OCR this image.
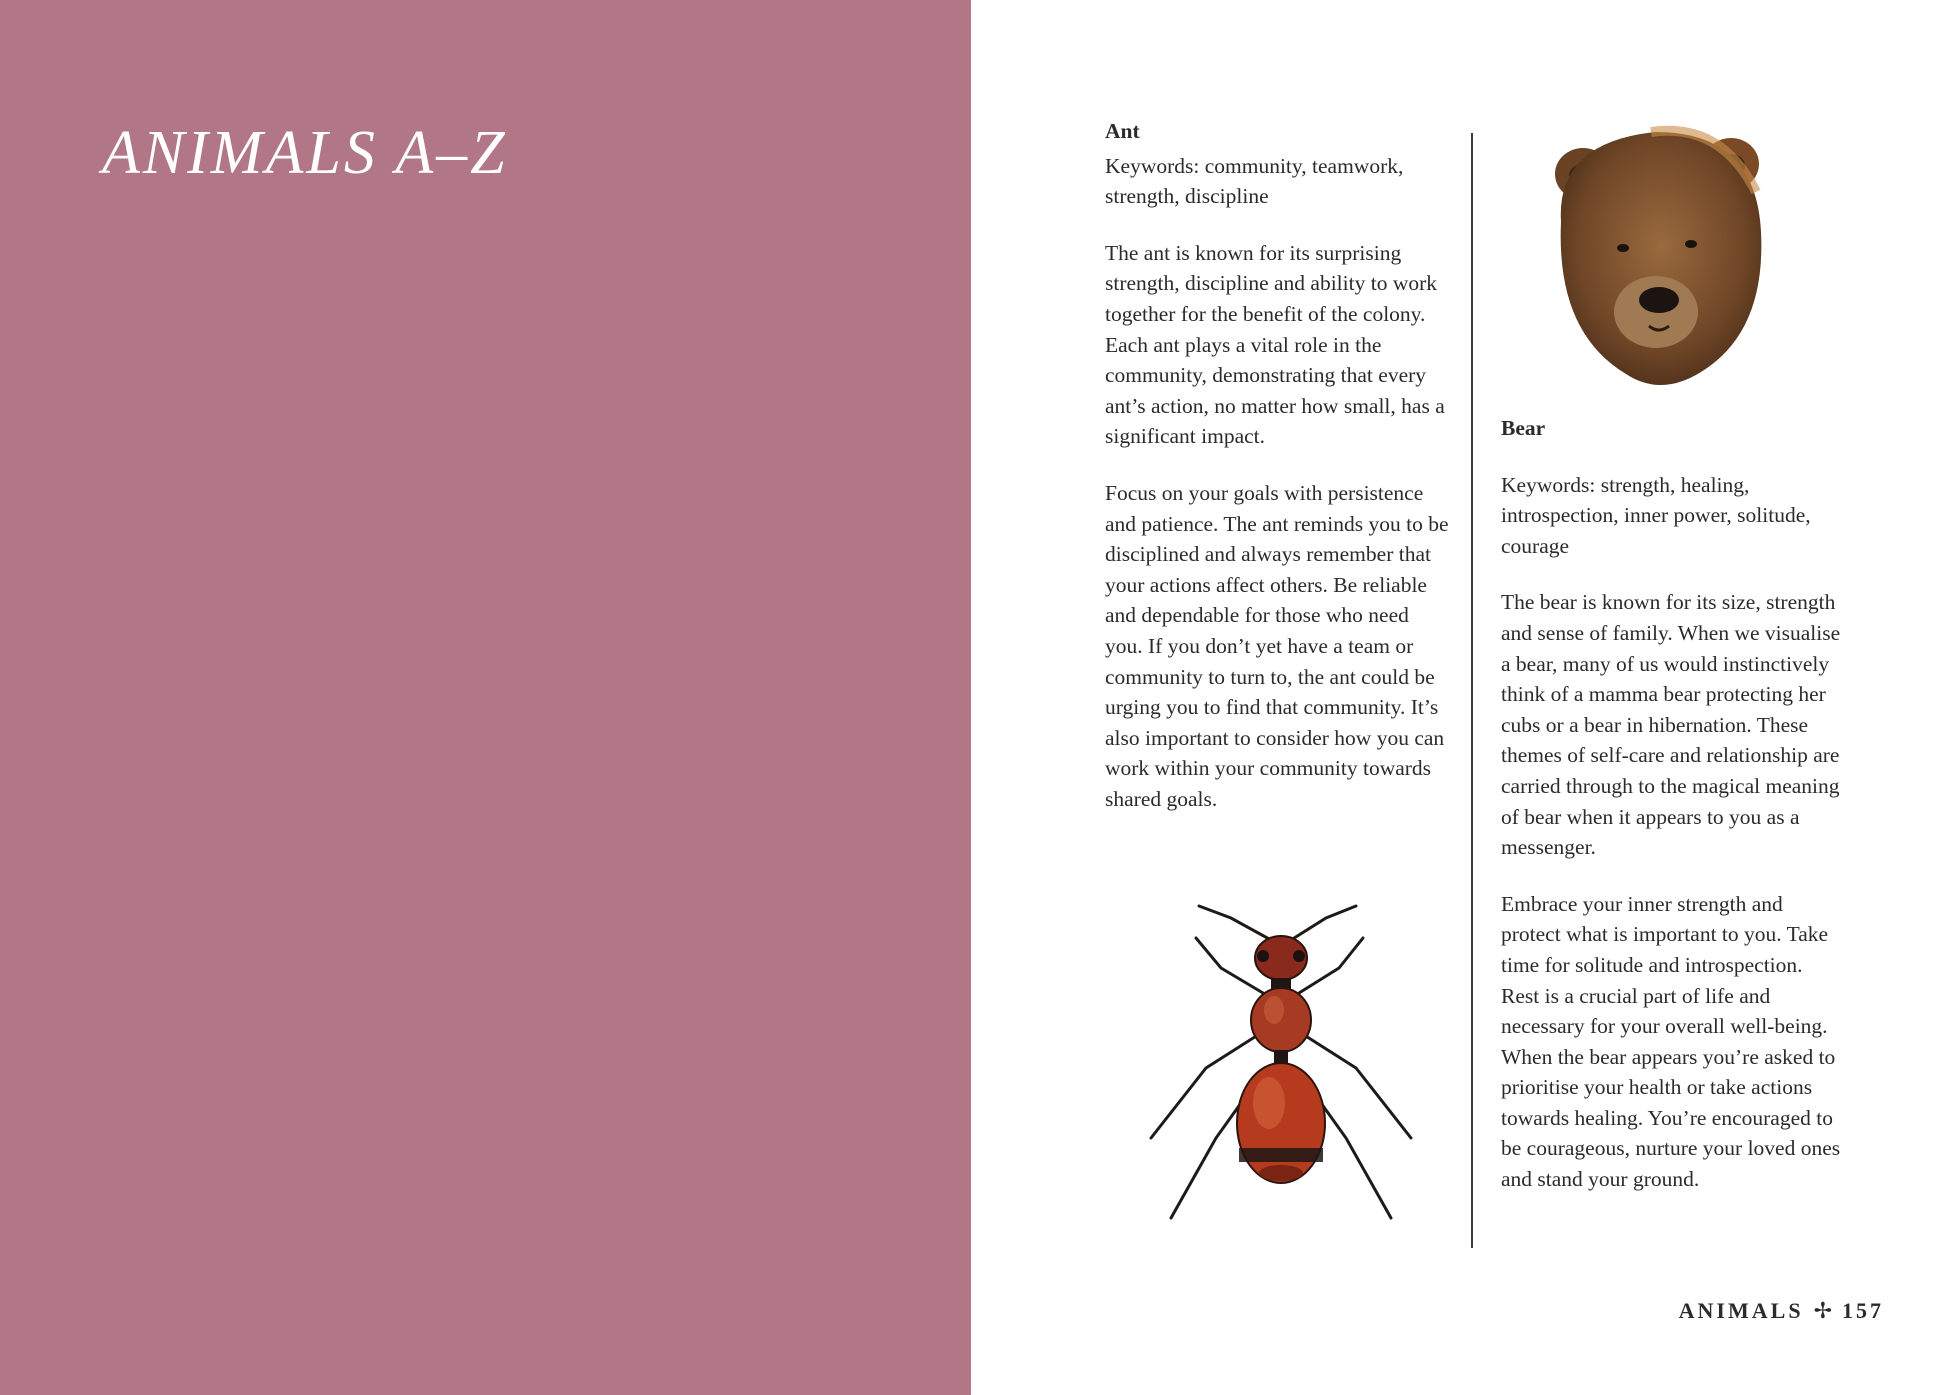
ANIMALS A–Z	Ant

Keywords: community, teamwork, strength, discipline

The ant is known for its surprising strength, discipline and ability to work together for the benefit of the colony. Each ant plays a vital role in the community, demonstrating that every ant’s action, no matter how small, has a significant impact.

Focus on your goals with persistence and patience. The ant reminds you to be disciplined and always remember that your actions affect others. Be reliable and dependable for those who need you. If you don’t yet have a team or community to turn to, the ant could be urging you to find that community. It’s also important to consider how you can work within your community towards shared goals.

Bear

Keywords: strength, healing, introspection, inner power, solitude, courage

The bear is known for its size, strength and sense of family. When we visualise a bear, many of us would instinctively think of a mamma bear protecting her cubs or a bear in hibernation. These themes of self-care and relationship are carried through to the magical meaning of bear when it appears to you as a messenger.

Embrace your inner strength and protect what is important to you. Take time for solitude and introspection. Rest is a crucial part of life and necessary for your overall well-being. When the bear appears you’re asked to prioritise your health or take actions towards healing. You’re encouraged to be courageous, nurture your loved ones and stand your ground.

ANIMALS ✢ 157
